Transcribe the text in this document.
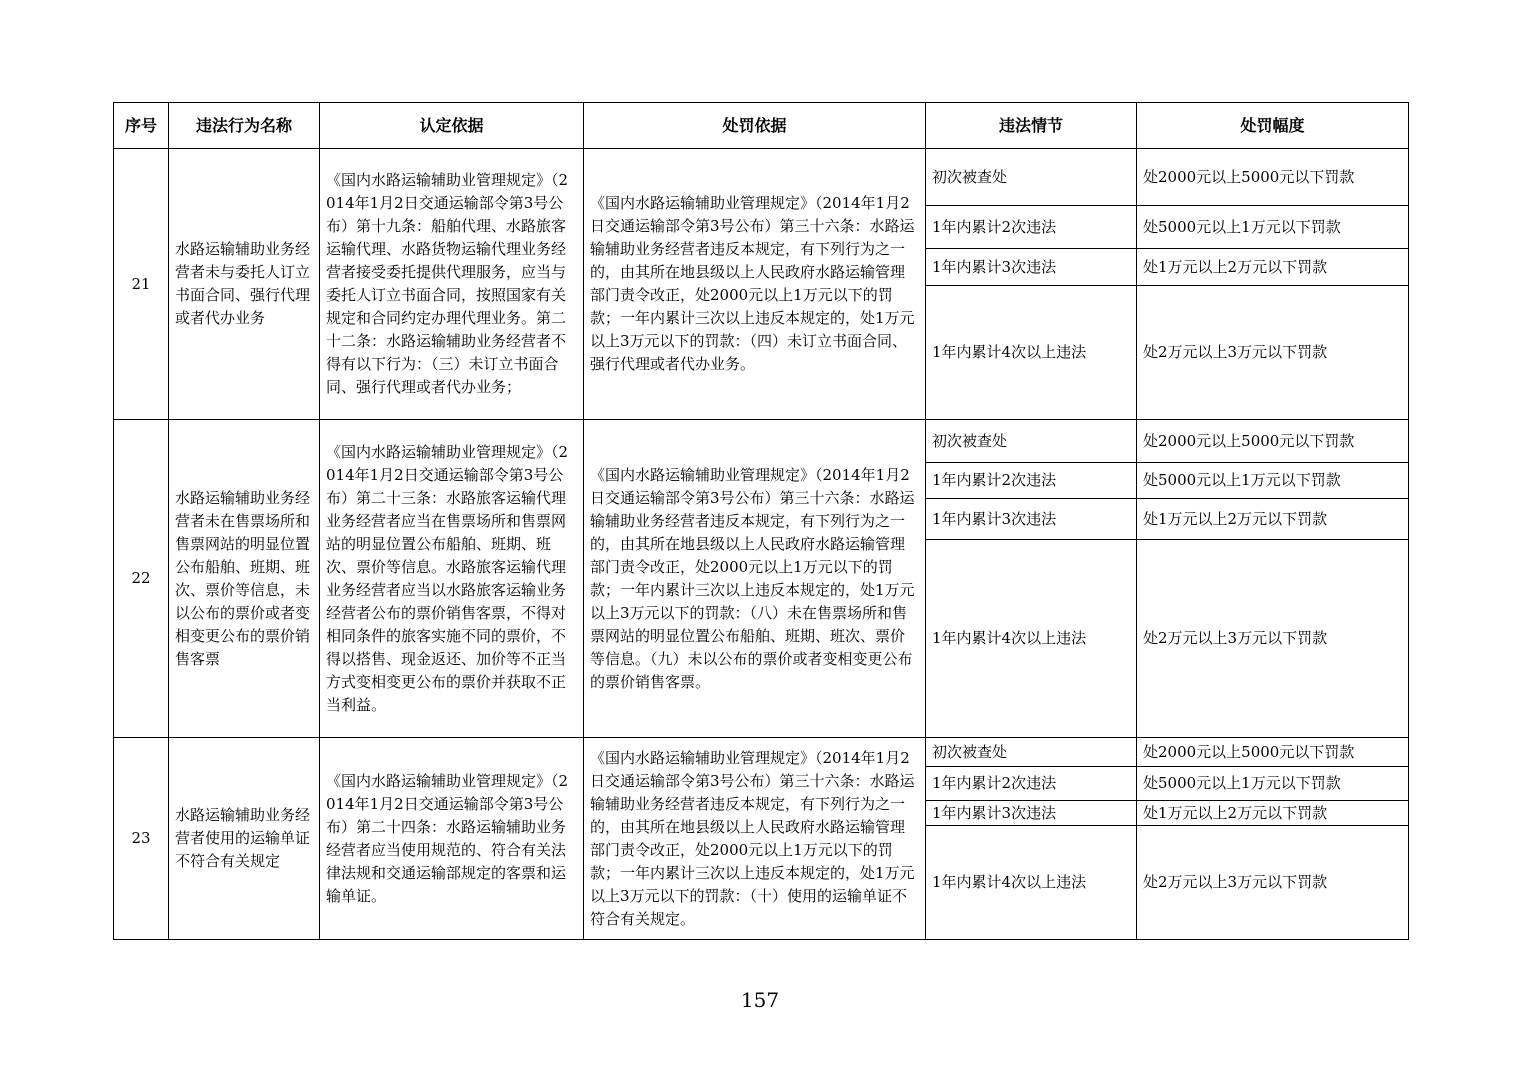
序号	违法行为名称	认定依据	处罚依据	违法情节	处罚幅度
21	水路运输辅助业务经营者未与委托人订立书面合同、强行代理或者代办业务	《国内水路运输辅助业管理规定》（2014年1月2日交通运输部令第3号公布）第十九条：船舶代理、水路旅客运输代理、水路货物运输代理业务经营者接受委托提供代理服务，应当与委托人订立书面合同，按照国家有关规定和合同约定办理代理业务。第二十二条：水路运输辅助业务经营者不得有以下行为：（三）未订立书面合同、强行代理或者代办业务；	《国内水路运输辅助业管理规定》（2014年1月2日交通运输部令第3号公布）第三十六条：水路运输辅助业务经营者违反本规定，有下列行为之一的，由其所在地县级以上人民政府水路运输管理部门责令改正，处2000元以上1万元以下的罚款；一年内累计三次以上违反本规定的，处1万元以上3万元以下的罚款：（四）未订立书面合同、强行代理或者代办业务。	初次被查处	处2000元以上5000元以下罚款
				1年内累计2次违法	处5000元以上1万元以下罚款
				1年内累计3次违法	处1万元以上2万元以下罚款
				1年内累计4次以上违法	处2万元以上3万元以下罚款
22	水路运输辅助业务经营者未在售票场所和售票网站的明显位置公布船舶、班期、班次、票价等信息，未以公布的票价或者变相变更公布的票价销售客票	《国内水路运输辅助业管理规定》（2014年1月2日交通运输部令第3号公布）第二十三条：水路旅客运输代理业务经营者应当在售票场所和售票网站的明显位置公布船舶、班期、班次、票价等信息。水路旅客运输代理业务经营者应当以水路旅客运输业务经营者公布的票价销售客票，不得对相同条件的旅客实施不同的票价，不得以搭售、现金返还、加价等不正当方式变相变更公布的票价并获取不正当利益。	《国内水路运输辅助业管理规定》（2014年1月2日交通运输部令第3号公布）第三十六条：水路运输辅助业务经营者违反本规定，有下列行为之一的，由其所在地县级以上人民政府水路运输管理部门责令改正，处2000元以上1万元以下的罚款；一年内累计三次以上违反本规定的，处1万元以上3万元以下的罚款：（八）未在售票场所和售票网站的明显位置公布船舶、班期、班次、票价等信息。（九）未以公布的票价或者变相变更公布的票价销售客票。	初次被查处	处2000元以上5000元以下罚款
				1年内累计2次违法	处5000元以上1万元以下罚款
				1年内累计3次违法	处1万元以上2万元以下罚款
				1年内累计4次以上违法	处2万元以上3万元以下罚款
23	水路运输辅助业务经营者使用的运输单证不符合有关规定	《国内水路运输辅助业管理规定》（2014年1月2日交通运输部令第3号公布）第二十四条：水路运输辅助业务经营者应当使用规范的、符合有关法律法规和交通运输部规定的客票和运输单证。	《国内水路运输辅助业管理规定》（2014年1月2日交通运输部令第3号公布）第三十六条：水路运输辅助业务经营者违反本规定，有下列行为之一的，由其所在地县级以上人民政府水路运输管理部门责令改正，处2000元以上1万元以下的罚款；一年内累计三次以上违反本规定的，处1万元以上3万元以下的罚款：（十）使用的运输单证不符合有关规定。	初次被查处	处2000元以上5000元以下罚款
				1年内累计2次违法	处5000元以上1万元以下罚款
				1年内累计3次违法	处1万元以上2万元以下罚款
				1年内累计4次以上违法	处2万元以上3万元以下罚款
157
